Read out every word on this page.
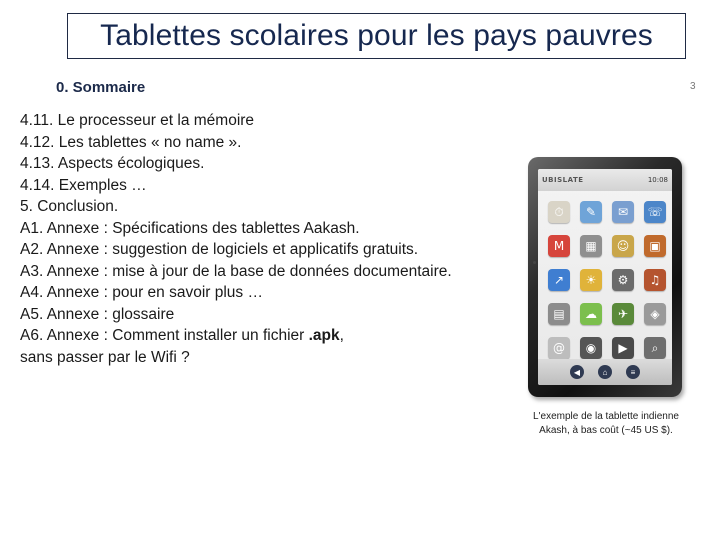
Tablettes scolaires pour les pays pauvres
0. Sommaire	3
4.11. Le processeur et la mémoire
4.12. Les tablettes « no name ».
4.13. Aspects écologiques.
4.14. Exemples …
5. Conclusion.
A1. Annexe : Spécifications des tablettes Aakash.
A2. Annexe : suggestion de logiciels et applicatifs gratuits.
A3. Annexe : mise à jour de la base de données documentaire.
A4. Annexe : pour en savoir plus …
A5. Annexe : glossaire
A6. Annexe : Comment installer un fichier .apk,
sans passer par le Wifi ?
UBISLATE	10:08
⏱	✎	✉	☏
M	▦	☺	▣
↗	☀	⚙	♫
▤	☁	✈	◈
@	◉	▶	⌕
◀	⌂	≡
L'exemple de la tablette indienne
Akash, à bas coût (~45 US $).
